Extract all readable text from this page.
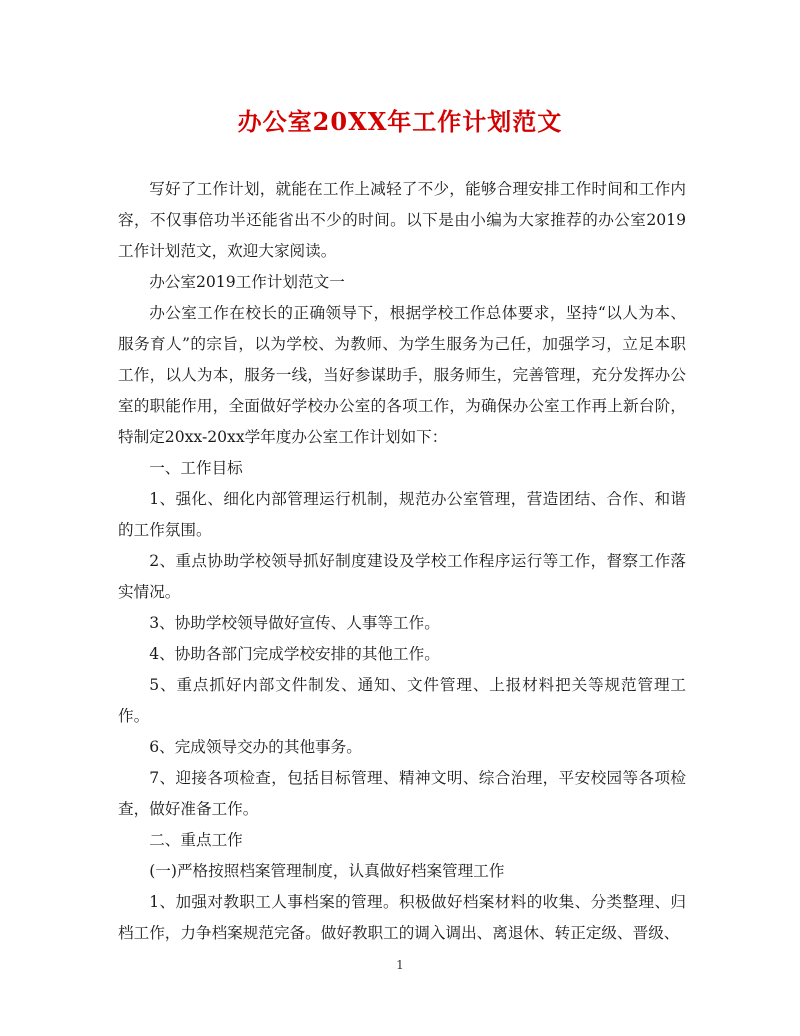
办公室20XX年工作计划范文

写好了工作计划，就能在工作上减轻了不少，能够合理安排工作时间和工作内容，不仅事倍功半还能省出不少的时间。以下是由小编为大家推荐的办公室2019工作计划范文，欢迎大家阅读。

办公室2019工作计划范文一

办公室工作在校长的正确领导下，根据学校工作总体要求，坚持“以人为本、服务育人”的宗旨，以为学校、为教师、为学生服务为己任，加强学习，立足本职工作，以人为本，服务一线，当好参谋助手，服务师生，完善管理，充分发挥办公室的职能作用，全面做好学校办公室的各项工作，为确保办公室工作再上新台阶，特制定20xx-20xx学年度办公室工作计划如下：

一、工作目标

1、强化、细化内部管理运行机制，规范办公室管理，营造团结、合作、和谐的工作氛围。

2、重点协助学校领导抓好制度建设及学校工作程序运行等工作，督察工作落实情况。

3、协助学校领导做好宣传、人事等工作。

4、协助各部门完成学校安排的其他工作。

5、重点抓好内部文件制发、通知、文件管理、上报材料把关等规范管理工作。

6、完成领导交办的其他事务。

7、迎接各项检查，包括目标管理、精神文明、综合治理，平安校园等各项检查，做好准备工作。

二、重点工作

(一)严格按照档案管理制度，认真做好档案管理工作

1、加强对教职工人事档案的管理。积极做好档案材料的收集、分类整理、归档工作，力争档案规范完备。做好教职工的调入调出、离退休、转正定级、晋级、

1
